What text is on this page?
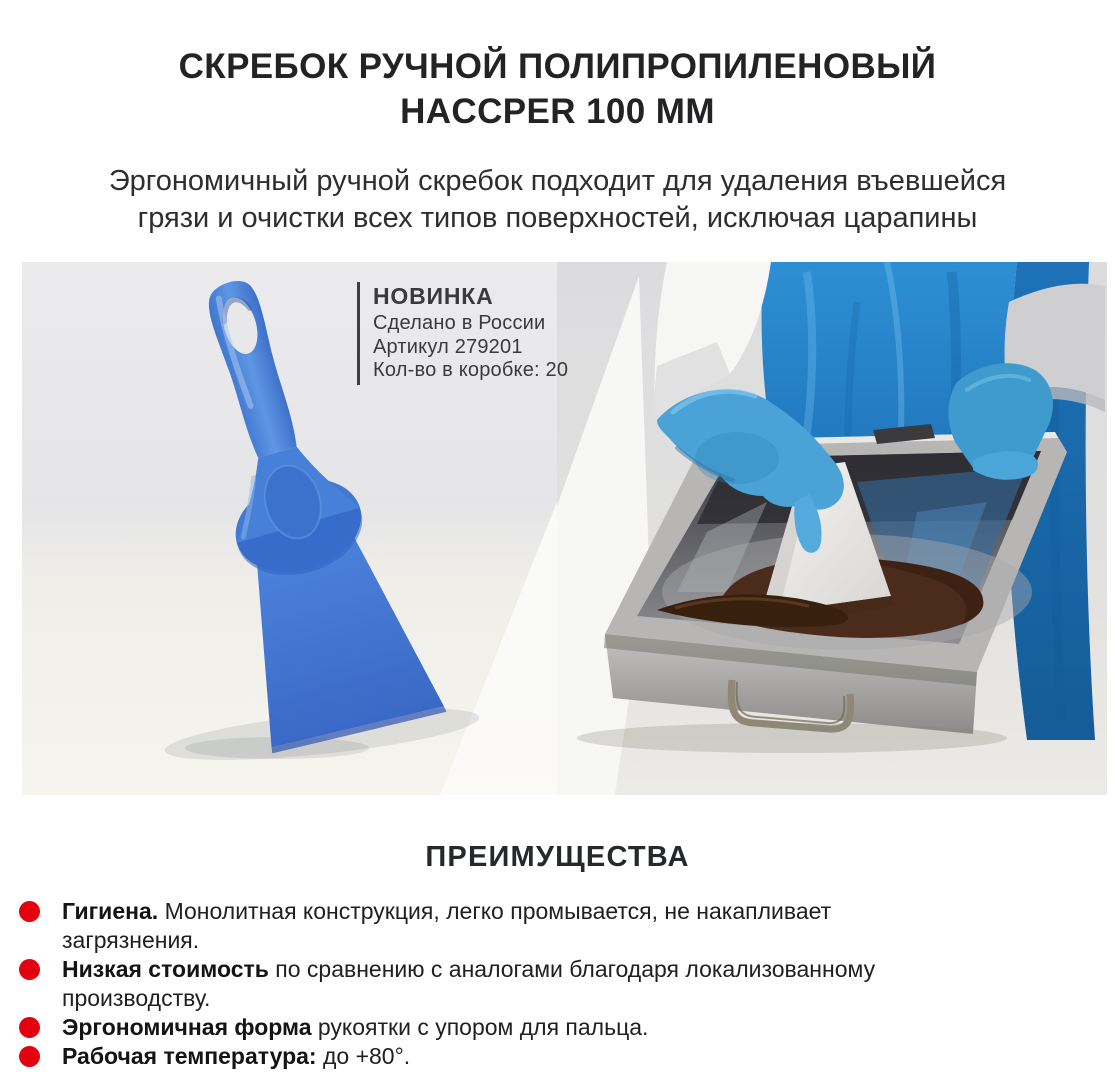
СКРЕБОК РУЧНОЙ ПОЛИПРОПИЛЕНОВЫЙ
HACCPER 100 ММ
Эргономичный ручной скребок подходит для удаления въевшейся
грязи и очистки всех типов поверхностей, исключая царапины
НОВИНКА
Сделано в России
Артикул 279201
Кол-во в коробке: 20
ПРЕИМУЩЕСТВА
Гигиена. Монолитная конструкция, легко промывается, не накапливает загрязнения.
Низкая стоимость по сравнению с аналогами благодаря локализованному производству.
Эргономичная форма рукоятки с упором для пальца.
Рабочая температура: до +80°.
